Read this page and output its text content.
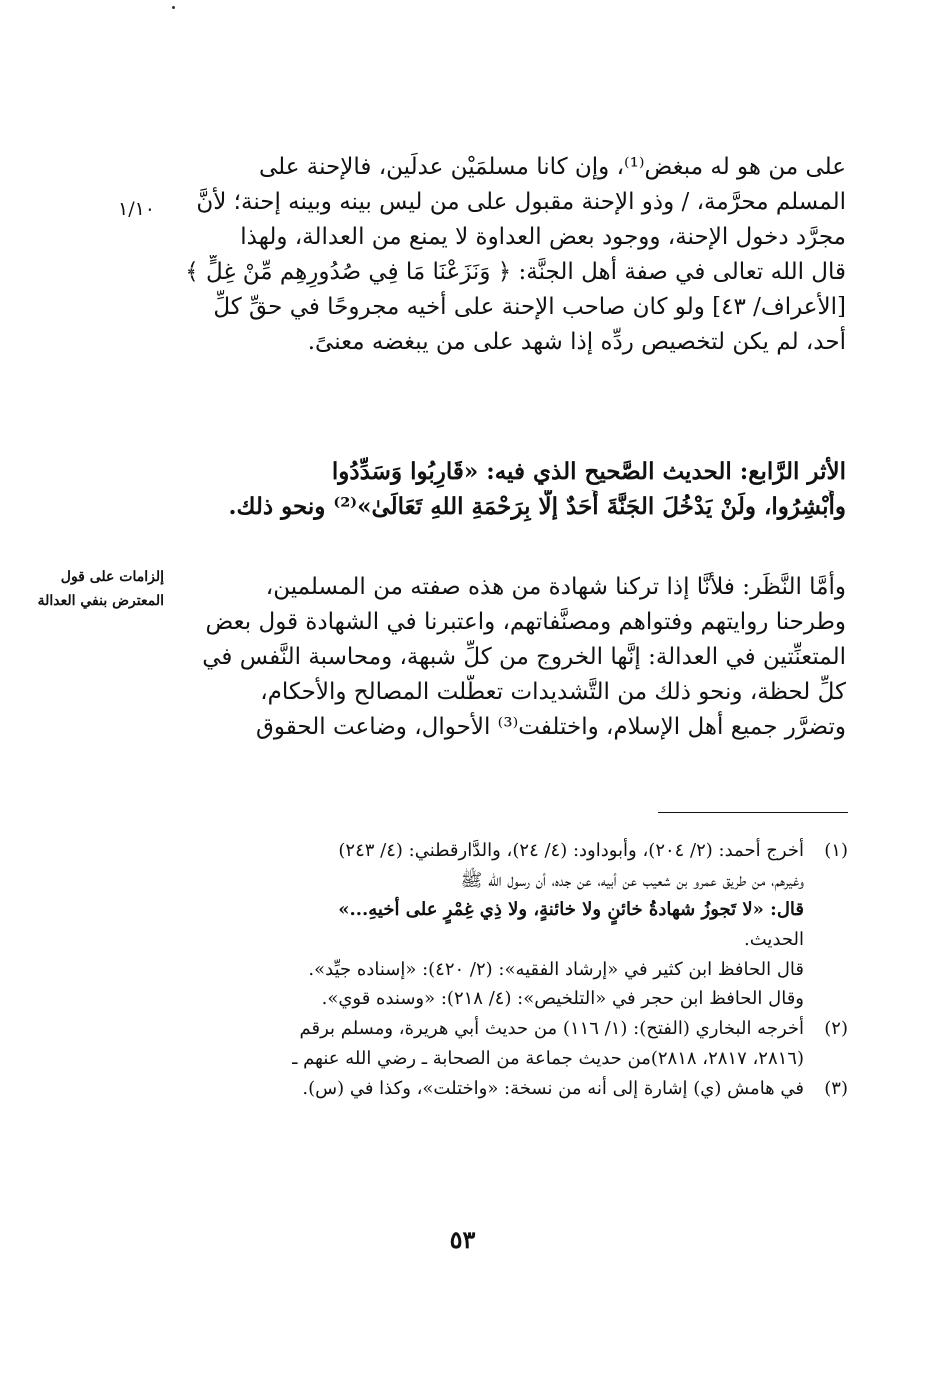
على من هو له مبغض⁽¹⁾، وإن كانا مسلمَيْن عدلَين، فالإحنة على
المسلم محرَّمة، / وذو الإحنة مقبول على من ليس بينه وبينه إحنة؛ لأنَّ
مجرَّد دخول الإحنة، ووجود بعض العداوة لا يمنع من العدالة، ولهذا
قال الله تعالى في صفة أهل الجنَّة: ﴿ وَنَزَعْنَا مَا فِي صُدُورِهِم مِّنْ غِلٍّ ﴾
[الأعراف/ ٤٣] ولو كان صاحب الإحنة على أخيه مجروحًا في حقِّ كلِّ
أحد، لم يكن لتخصيص ردِّه إذا شهد على من يبغضه معنىً.
١/١٠
الأثر الرَّابع: الحديث الصَّحيح الذي فيه: «قَارِبُوا وَسَدِّدُوا
وأَبْشِرُوا، ولَنْ يَدْخُلَ الجَنَّةَ أَحَدٌ إلَّا بِرَحْمَةِ اللهِ تَعَالَىٰ»⁽²⁾ ونحو ذلك.
إلزامات على قول المعترض بنفي العدالة
وأمَّا النَّظَر: فلأنَّا إذا تركنا شهادة من هذه صفته من المسلمين،
وطرحنا روايتهم وفتواهم ومصنَّفاتهم، واعتبرنا في الشهادة قول بعض
المتعنِّتين في العدالة: إنَّها الخروج من كلِّ شبهة، ومحاسبة النَّفس في
كلِّ لحظة، ونحو ذلك من التَّشديدات تعطَّلت المصالح والأحكام،
وتضرَّر جميع أهل الإسلام، واختلفت⁽³⁾ الأحوال، وضاعت الحقوق
(١)
أخرج أحمد: (٢/ ٢٠٤)، وأبوداود: (٤/ ٢٤)، والدَّارقطني: (٤/ ٢٤٣)
وغيرهم، من طريق عمرو بن شعيب عن أبيه، عن جده، أن رسول الله ﷺ
قال: «لا تَجوزُ شهادةُ خائنٍ ولا خائنةٍ، ولا ذِي غِمْرٍ على أخيهِ...»
الحديث.
قال الحافظ ابن كثير في «إرشاد الفقيه»: (٢/ ٤٢٠): «إسناده جيِّد».
وقال الحافظ ابن حجر في «التلخيص»: (٤/ ٢١٨): «وسنده قوي».
(٢)
أخرجه البخاري (الفتح): (١/ ١١٦) من حديث أبي هريرة، ومسلم برقم
(٢٨١٦، ٢٨١٧، ٢٨١٨)من حديث جماعة من الصحابة ـ رضي الله عنهم ـ
(٣)
في هامش (ي) إشارة إلى أنه من نسخة: «واختلت»، وكذا في (س).
٥٣
